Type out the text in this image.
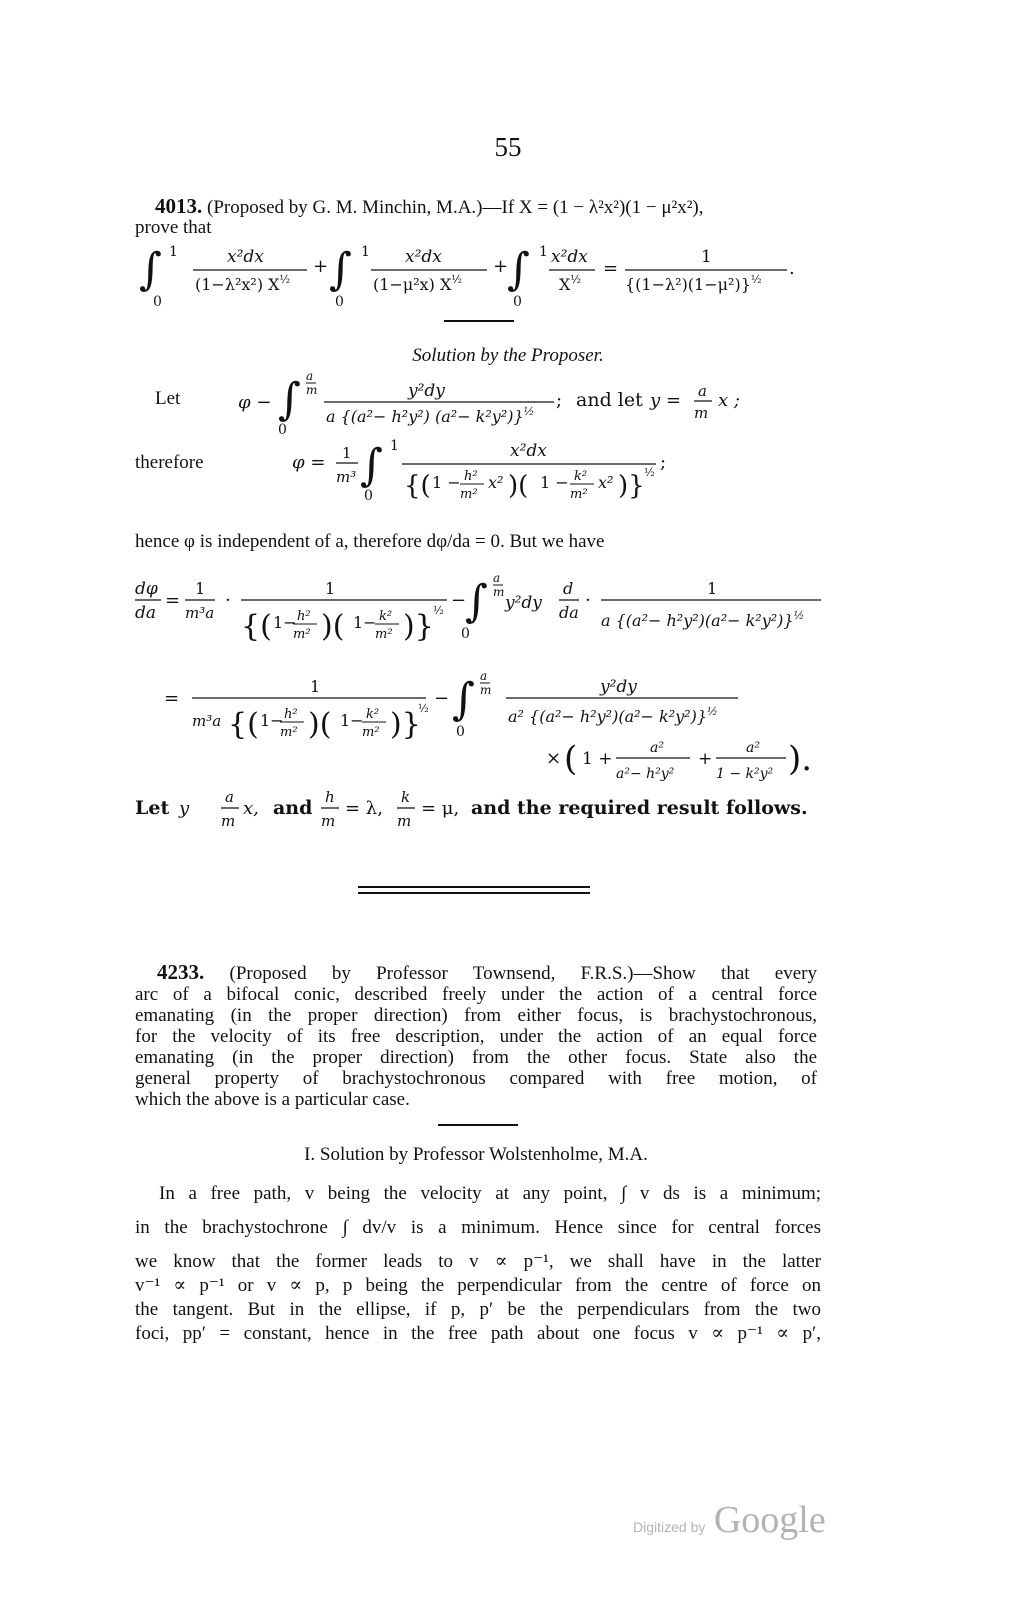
55
4013. (Proposed by G. M. Minchin, M.A.)—If X = (1 − λ²x²)(1 − μ²x²),
prove that
∫ 1
0
x²dx
(1−λ²x²) $X^{\frac{1}{2}}$
+ ∫ 1
0
x²dx
(1−μ²x) $X^{\frac{1}{2}}$
+
∫ 1
0
x²dx
$X^{\frac{1}{2}}$
=
1
$\{(1-\lambda^2)(1-\mu^2)\}^{\frac{1}{2}}$
.
Solution by the Proposer.
Let	φ − ∫ a
m
0
y²dy
a {(a²− h²y²) (a²− k²y²)}$^{\frac{1}{2}}$
; and let y = a
m
x ;
therefore	φ = 1
m³ ∫ 1
0
x²dx
{( 1 − h²
m²
x² )( 1 − k²
m²
x² )} ½ ;
hence φ is independent of a, therefore dφ/da = 0. But we have
dφ
da
=
1
m³a
·
1
{( 1− h²
m² )( 1− k²
m² )} ½ −
∫ a
m
0
y²dy
d
da
·
1
a $\{(a^2- h^2y^2)(a^2- k^2y^2)\}^{\frac{1}{2}}$
=
1
m³a {( 1− h²
m² )( 1− k²
m² )}
½ − ∫ a
m
0
y²dy
a² $\{(a^2- h^2y^2)(a^2- k^2y^2)\}^{\frac{1}{2}}$
× ( 1 +
a²
a²− h²y²
+
a²
1 − k²y² ).
Let y
a
m
x, and h
m
= λ,
k
m
= μ, and the required result follows.
4233. (Proposed by Professor Townsend, F.R.S.)—Show that every
arc of a bifocal conic, described freely under the action of a central force
emanating (in the proper direction) from either focus, is brachystochronous,
for the velocity of its free description, under the action of an equal force
emanating (in the proper direction) from the other focus. State also the
general property of brachystochronous compared with free motion, of
which the above is a particular case.
I. Solution by Professor Wolstenholme, M.A.
In a free path, v being the velocity at any point, ∫ v ds is a minimum;
in the brachystochrone ∫ dv/v is a minimum. Hence since for central forces
we know that the former leads to v ∝ p⁻¹, we shall have in the latter
v⁻¹ ∝ p⁻¹ or v ∝ p, p being the perpendicular from the centre of force on
the tangent. But in the ellipse, if p, p′ be the perpendiculars from the two
foci, pp′ = constant, hence in the free path about one focus v ∝ p⁻¹ ∝ p′,
Digitized by Google
